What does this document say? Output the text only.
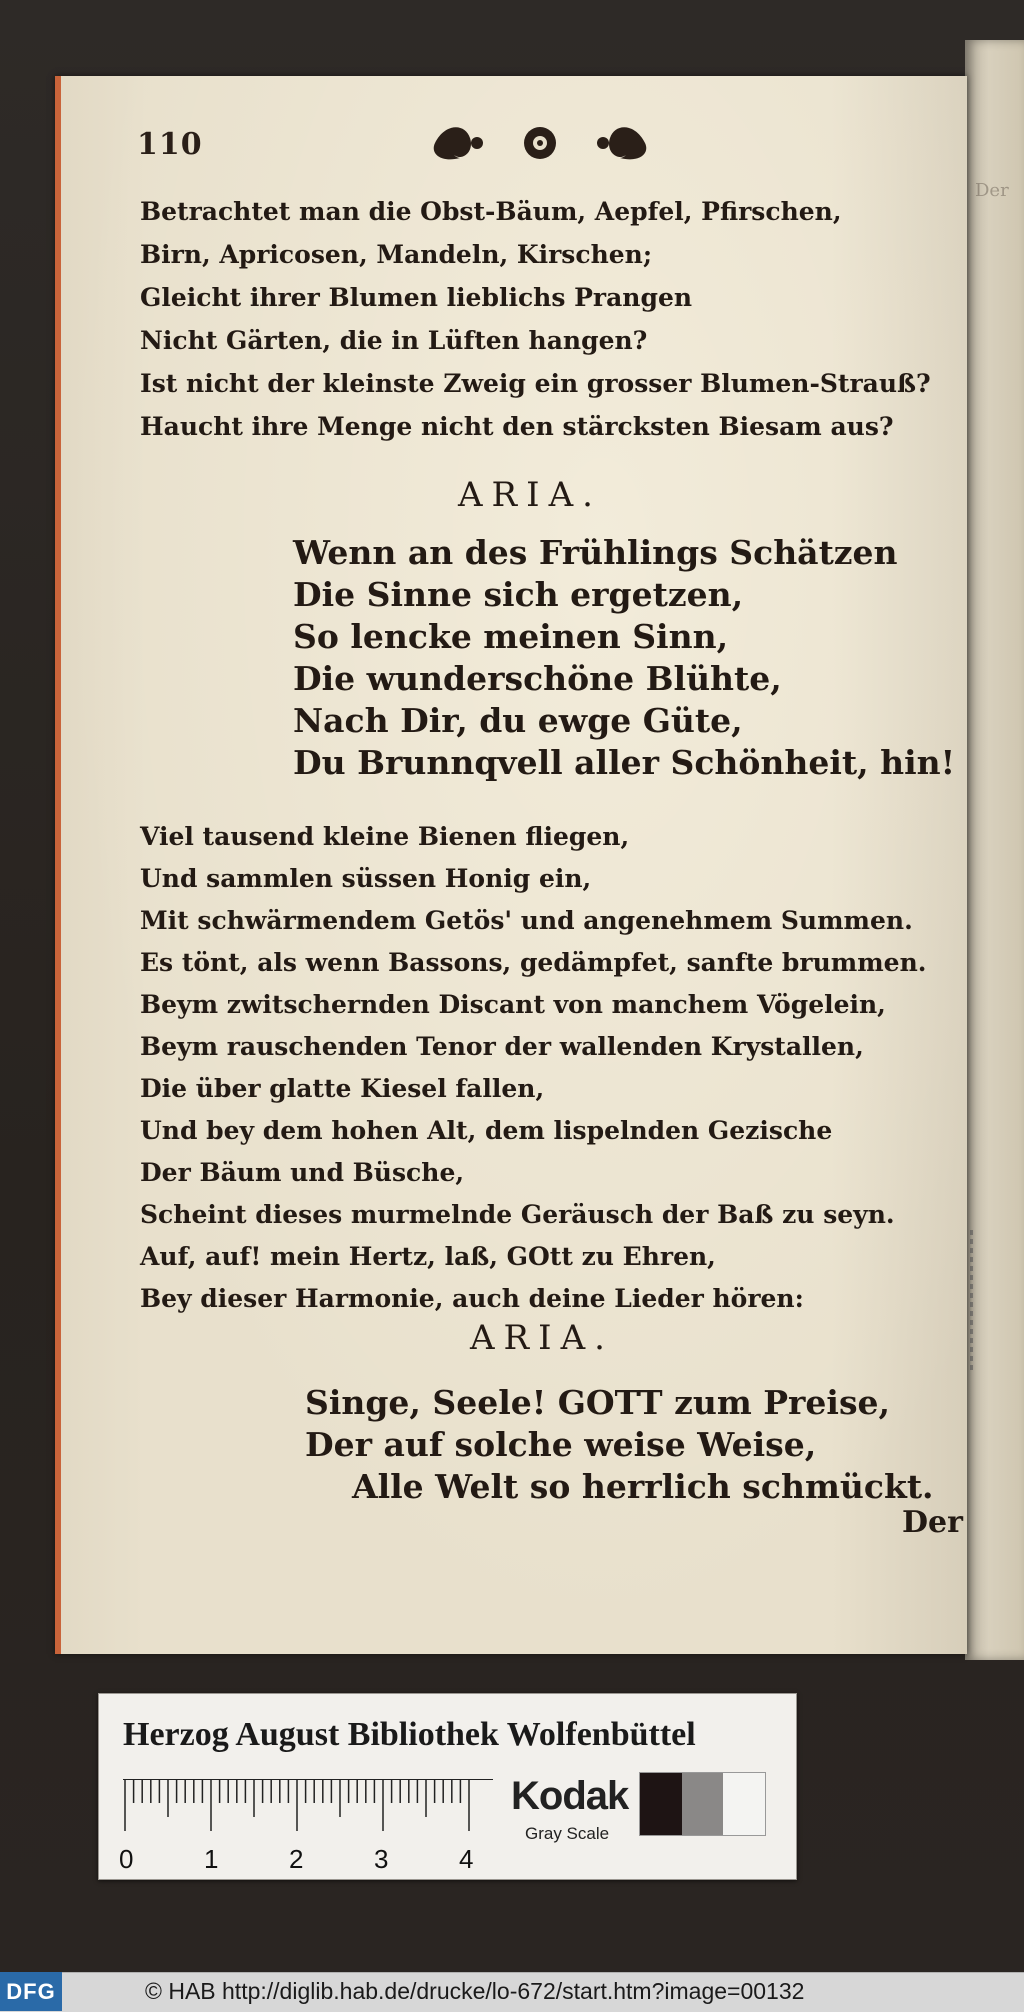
Der
110
Betrachtet man die Obst-Bäum, Aepfel, Pfirschen,
Birn, Apricosen, Mandeln, Kirschen;
Gleicht ihrer Blumen lieblichs Prangen
Nicht Gärten, die in Lüften hangen?
Ist nicht der kleinste Zweig ein grosser Blumen-Strauß?
Haucht ihre Menge nicht den stärcksten Biesam aus?
ARIA.
Wenn an des Frühlings Schätzen
Die Sinne sich ergetzen,
So lencke meinen Sinn,
Die wunderschöne Blühte,
Nach Dir, du ewge Güte,
Du Brunnqvell aller Schönheit, hin!
Viel tausend kleine Bienen fliegen,
Und sammlen süssen Honig ein,
Mit schwärmendem Getös' und angenehmem Summen.
Es tönt, als wenn Bassons, gedämpfet, sanfte brummen.
Beym zwitschernden Discant von manchem Vögelein,
Beym rauschenden Tenor der wallenden Krystallen,
Die über glatte Kiesel fallen,
Und bey dem hohen Alt, dem lispelnden Gezische
Der Bäum und Büsche,
Scheint dieses murmelnde Geräusch der Baß zu seyn.
Auf, auf! mein Hertz, laß, GOtt zu Ehren,
Bey dieser Harmonie, auch deine Lieder hören:
ARIA.
Singe, Seele! GOTT zum Preise,
Der auf solche weise Weise,
Alle Welt so herrlich schmückt.
Der
Herzog August Bibliothek Wolfenbüttel
0	1	2	3	4
Kodak
Gray Scale
DFG	© HAB http://diglib.hab.de/drucke/lo-672/start.htm?image=00132
